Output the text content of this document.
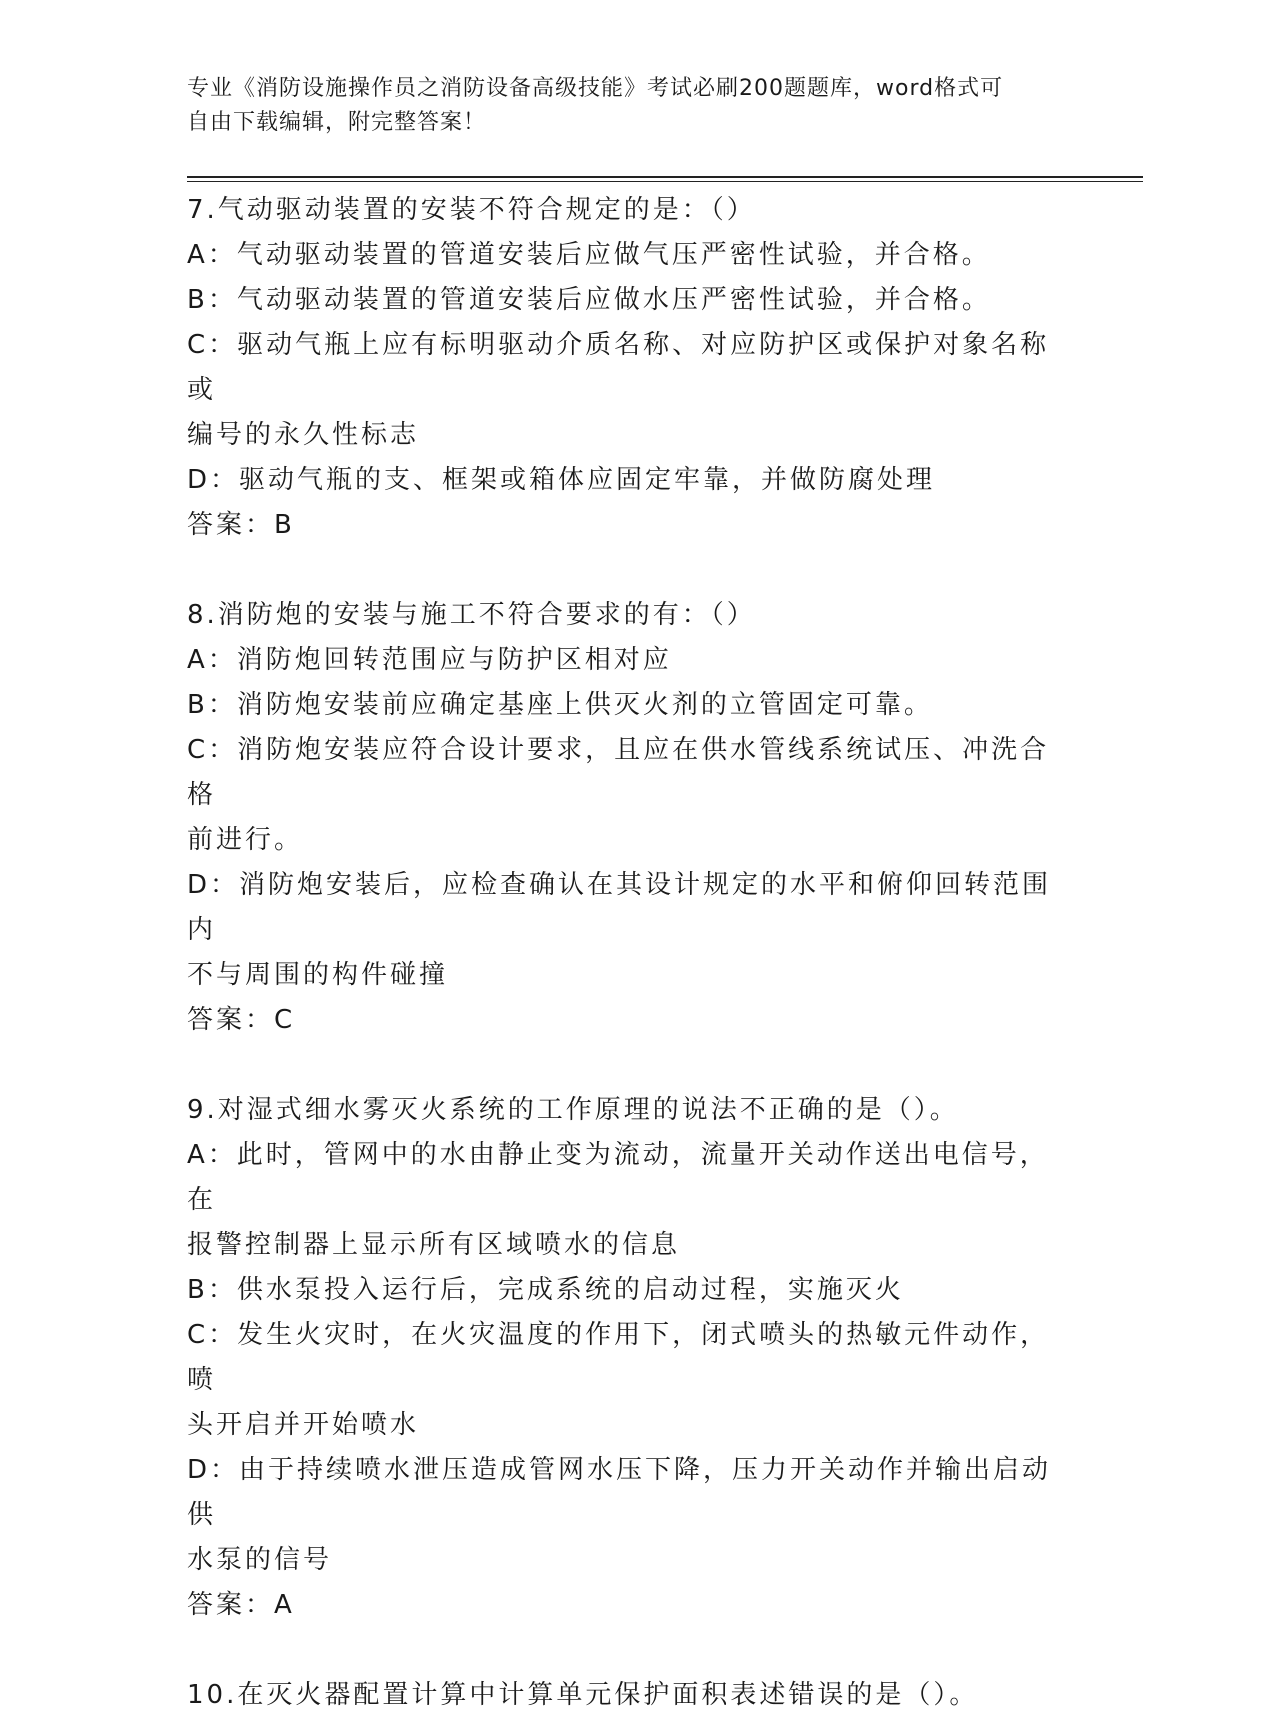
专业《消防设施操作员之消防设备高级技能》考试必刷200题题库，word格式可
自由下载编辑，附完整答案！

7.气动驱动装置的安装不符合规定的是：（）

A：气动驱动装置的管道安装后应做气压严密性试验，并合格。

B：气动驱动装置的管道安装后应做水压严密性试验，并合格。

C：驱动气瓶上应有标明驱动介质名称、对应防护区或保护对象名称或

编号的永久性标志

D：驱动气瓶的支、框架或箱体应固定牢靠，并做防腐处理

答案：B

8.消防炮的安装与施工不符合要求的有：（）

A：消防炮回转范围应与防护区相对应

B：消防炮安装前应确定基座上供灭火剂的立管固定可靠。

C：消防炮安装应符合设计要求，且应在供水管线系统试压、冲洗合格

前进行。

D：消防炮安装后，应检查确认在其设计规定的水平和俯仰回转范围内

不与周围的构件碰撞

答案：C

9.对湿式细水雾灭火系统的工作原理的说法不正确的是（）。

A：此时，管网中的水由静止变为流动，流量开关动作送出电信号，在

报警控制器上显示所有区域喷水的信息

B：供水泵投入运行后，完成系统的启动过程，实施灭火

C：发生火灾时，在火灾温度的作用下，闭式喷头的热敏元件动作，喷

头开启并开始喷水

D：由于持续喷水泄压造成管网水压下降，压力开关动作并输出启动供

水泵的信号

答案：A

10.在灭火器配置计算中计算单元保护面积表述错误的是（）。
